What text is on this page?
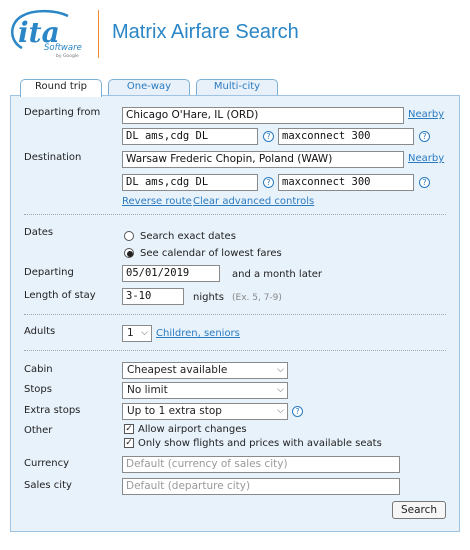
ita
Software
by Google
Matrix Airfare Search
Round trip	One-way	Multi-city
Departing from	Chicago O'Hare, IL (ORD)	Nearby
DL ams,cdg DL	?	maxconnect 300	?
Destination	Warsaw Frederic Chopin, Poland (WAW)	Nearby
DL ams,cdg DL	?	maxconnect 300	?
Reverse route Clear advanced controls
Dates	Search exact dates
See calendar of lowest fares
Departing	05/01/2019	and a month later
Length of stay	3-10	nights (Ex. 5, 7-9)
Adults	1 ⌵ Children, seniors
Cabin	Cheapest available	⌵
Stops	No limit	⌵
Extra stops	Up to 1 extra stop	⌵	?
Other	✓ Allow airport changes
✓ Only show flights and prices with available seats
Currency	Default (currency of sales city)
Sales city	Default (departure city)
Search
